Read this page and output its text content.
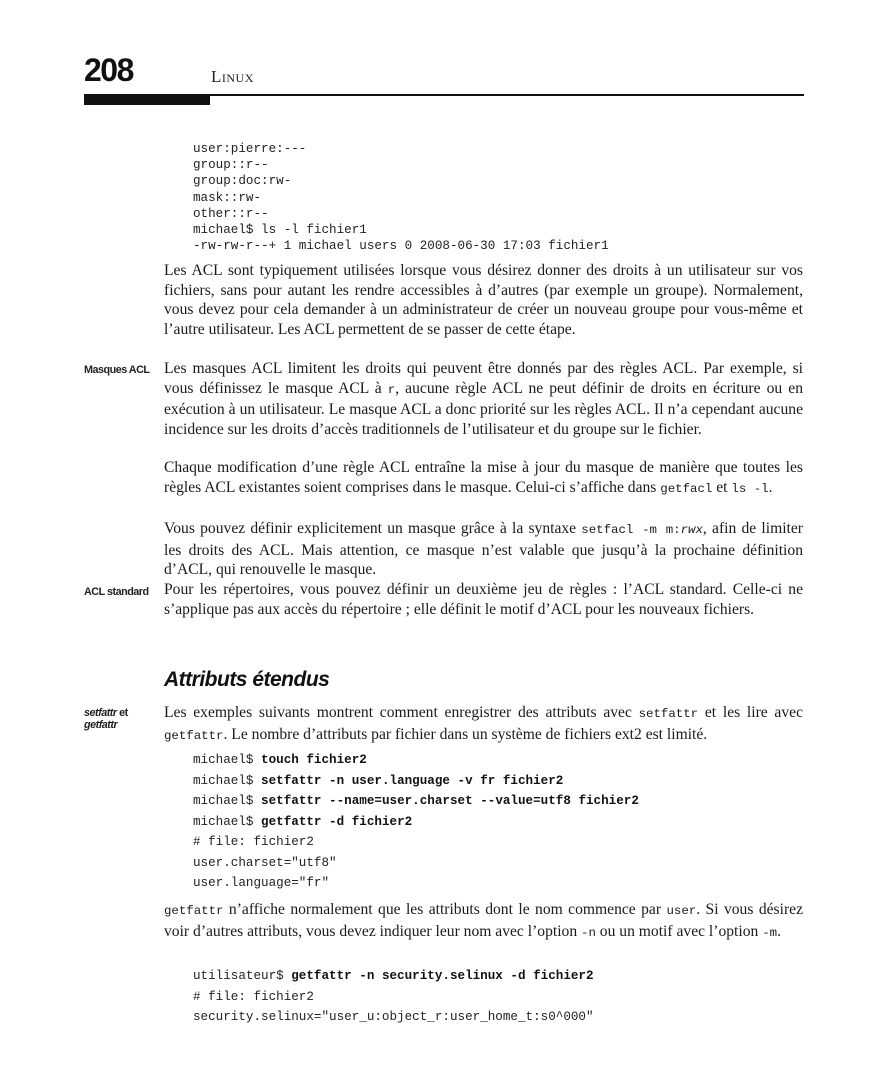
208	Linux
user:pierre:---
group::r--
group:doc:rw-
mask::rw-
other::r--
michael$ ls -l fichier1
-rw-rw-r--+ 1 michael users 0 2008-06-30 17:03 fichier1

Les ACL sont typiquement utilisées lorsque vous désirez donner des droits à un utilisateur sur vos fichiers, sans pour autant les rendre accessibles à d’autres (par exemple un groupe). Normalement, vous devez pour cela demander à un administrateur de créer un nouveau groupe pour vous-même et l’autre utilisateur. Les ACL permettent de se passer de cette étape.

Masques ACL Les masques ACL limitent les droits qui peuvent être donnés par des règles ACL. Par exemple, si vous définissez le masque ACL à r, aucune règle ACL ne peut définir de droits en écriture ou en exécution à un utilisateur. Le masque ACL a donc priorité sur les règles ACL. Il n’a cependant aucune incidence sur les droits d’accès traditionnels de l’utilisateur et du groupe sur le fichier.

Chaque modification d’une règle ACL entraîne la mise à jour du masque de manière que toutes les règles ACL existantes soient comprises dans le masque. Celui-ci s’affiche dans getfacl et ls -l.

Vous pouvez définir explicitement un masque grâce à la syntaxe setfacl -m m:rwx, afin de limiter les droits des ACL. Mais attention, ce masque n’est valable que jusqu’à la prochaine définition d’ACL, qui renouvelle le masque.

ACL standard Pour les répertoires, vous pouvez définir un deuxième jeu de règles : l’ACL standard. Celle-ci ne s’applique pas aux accès du répertoire ; elle définit le motif d’ACL pour les nouveaux fichiers.

Attributs étendus
setfattr et
getfattr

Les exemples suivants montrent comment enregistrer des attributs avec setfattr et les lire avec getfattr. Le nombre d’attributs par fichier dans un système de fichiers ext2 est limité.

michael$ touch fichier2
michael$ setfattr -n user.language -v fr fichier2
michael$ setfattr --name=user.charset --value=utf8 fichier2
michael$ getfattr -d fichier2
# file: fichier2
user.charset="utf8"
user.language="fr"

getfattr n’affiche normalement que les attributs dont le nom commence par user. Si vous désirez voir d’autres attributs, vous devez indiquer leur nom avec l’option -n ou un motif avec l’option -m.

utilisateur$ getfattr -n security.selinux -d fichier2
# file: fichier2
security.selinux="user_u:object_r:user_home_t:s0^000"
